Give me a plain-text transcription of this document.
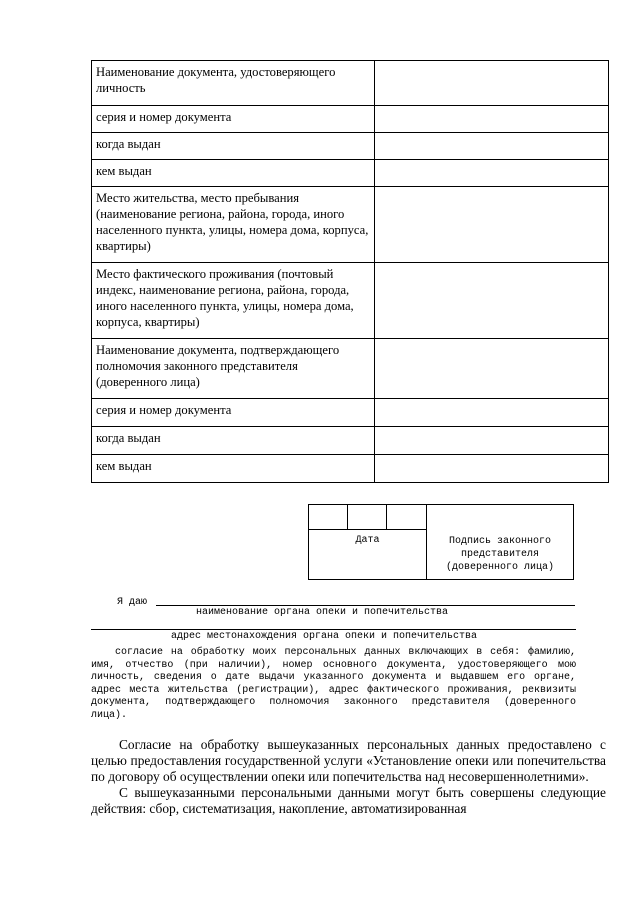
Наименование документа, удостоверяющего личность	
серия и номер документа	
когда выдан	
кем выдан	
Место жительства, место пребывания (наименование региона, района, города, иного населенного пункта, улицы, номера дома, корпуса, квартиры)	
Место фактического проживания (почтовый индекс, наименование региона, района, города, иного населенного пункта, улицы, номера дома, корпуса, квартиры)	
Наименование документа, подтверждающего полномочия законного представителя (доверенного лица)	
серия и номер документа	
когда выдан	
кем выдан	
Дата	Подпись законного представителя (доверенного лица)
Я даю
наименование органа опеки и попечительства
адрес местонахождения органа опеки и попечительства

согласие на обработку моих персональных данных включающих в себя: фамилию, имя, отчество (при наличии), номер основного документа, удостоверяющего мою личность, сведения о дате выдачи указанного документа и выдавшем его органе, адрес места жительства (регистрации), адрес фактического проживания, реквизиты документа, подтверждающего полномочия законного представителя (доверенного лица).

Согласие на обработку вышеуказанных персональных данных предоставлено с целью предоставления государственной услуги «Установление опеки или попечительства по договору об осуществлении опеки или попечительства над несовершеннолетними».

С вышеуказанными персональными данными могут быть совершены следующие действия: сбор, систематизация, накопление, автоматизированная
